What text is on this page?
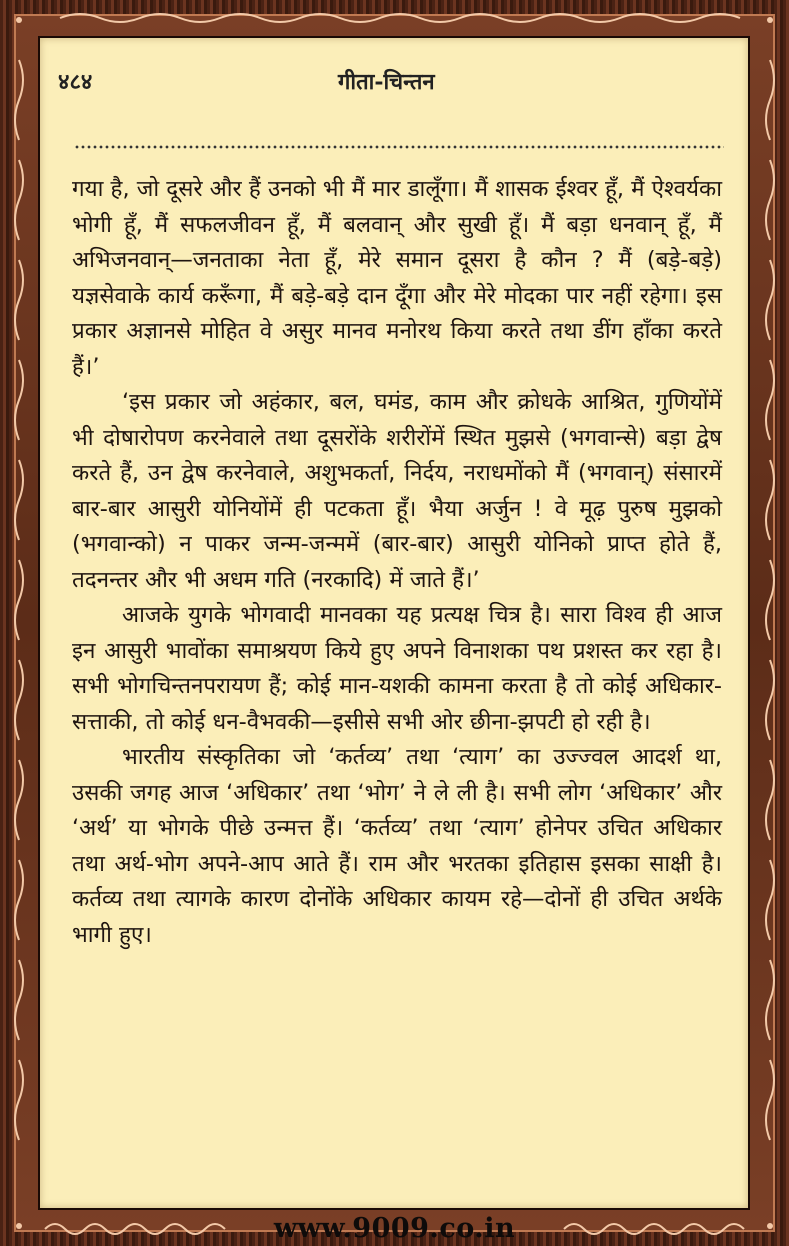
४८४	गीता-चिन्तन

गया है, जो दूसरे और हैं उनको भी मैं मार डालूँगा। मैं शासक ईश्वर हूँ, मैं ऐश्वर्यका भोगी हूँ, मैं सफलजीवन हूँ, मैं बलवान् और सुखी हूँ। मैं बड़ा धनवान् हूँ, मैं अभिजनवान्—जनताका नेता हूँ, मेरे समान दूसरा है कौन ? मैं (बड़े-बड़े) यज्ञसेवाके कार्य करूँगा, मैं बड़े-बड़े दान दूँगा और मेरे मोदका पार नहीं रहेगा। इस प्रकार अज्ञानसे मोहित वे असुर मानव मनोरथ किया करते तथा डींग हाँका करते हैं।’

‘इस प्रकार जो अहंकार, बल, घमंड, काम और क्रोधके आश्रित, गुणियोंमें भी दोषारोपण करनेवाले तथा दूसरोंके शरीरोंमें स्थित मुझसे (भगवान्से) बड़ा द्वेष करते हैं, उन द्वेष करनेवाले, अशुभकर्ता, निर्दय, नराधमोंको मैं (भगवान्) संसारमें बार-बार आसुरी योनियोंमें ही पटकता हूँ। भैया अर्जुन ! वे मूढ़ पुरुष मुझको (भगवान्को) न पाकर जन्म-जन्ममें (बार-बार) आसुरी योनिको प्राप्त होते हैं, तदनन्तर और भी अधम गति (नरकादि) में जाते हैं।’

आजके युगके भोगवादी मानवका यह प्रत्यक्ष चित्र है। सारा विश्व ही आज इन आसुरी भावोंका समाश्रयण किये हुए अपने विनाशका पथ प्रशस्त कर रहा है। सभी भोगचिन्तनपरायण हैं; कोई मान-यशकी कामना करता है तो कोई अधिकार-सत्ताकी, तो कोई धन-वैभवकी—इसीसे सभी ओर छीना-झपटी हो रही है।

भारतीय संस्कृतिका जो ‘कर्तव्य’ तथा ‘त्याग’ का उज्ज्वल आदर्श था, उसकी जगह आज ‘अधिकार’ तथा ‘भोग’ ने ले ली है। सभी लोग ‘अधिकार’ और ‘अर्थ’ या भोगके पीछे उन्मत्त हैं। ‘कर्तव्य’ तथा ‘त्याग’ होनेपर उचित अधिकार तथा अर्थ-भोग अपने-आप आते हैं। राम और भरतका इतिहास इसका साक्षी है। कर्तव्य तथा त्यागके कारण दोनोंके अधिकार कायम रहे—दोनों ही उचित अर्थके भागी हुए।

www.9009.co.in
